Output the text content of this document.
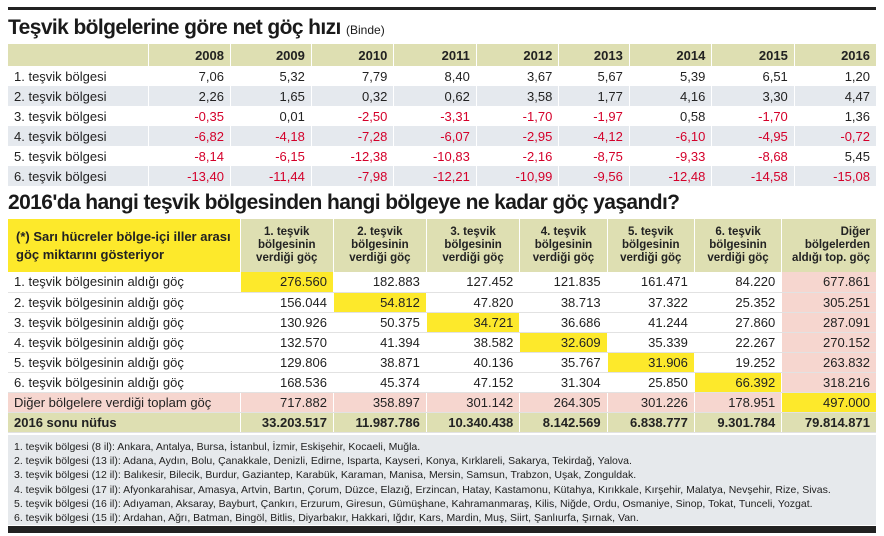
Teşvik bölgelerine göre net göç hızı (Binde)
	2008	2009	2010	2011	2012	2013	2014	2015	2016
1. teşvik bölgesi	7,06	5,32	7,79	8,40	3,67	5,67	5,39	6,51	1,20
2. teşvik bölgesi	2,26	1,65	0,32	0,62	3,58	1,77	4,16	3,30	4,47
3. teşvik bölgesi	-0,35	0,01	-2,50	-3,31	-1,70	-1,97	0,58	-1,70	1,36
4. teşvik bölgesi	-6,82	-4,18	-7,28	-6,07	-2,95	-4,12	-6,10	-4,95	-0,72
5. teşvik bölgesi	-8,14	-6,15	-12,38	-10,83	-2,16	-8,75	-9,33	-8,68	5,45
6. teşvik bölgesi	-13,40	-11,44	-7,98	-12,21	-10,99	-9,56	-12,48	-14,58	-15,08
2016'da hangi teşvik bölgesinden hangi bölgeye ne kadar göç yaşandı?
(*) Sarı hücreler bölge-içi iller arası göç miktarını gösteriyor	1. teşvik bölgesinin verdiği göç	2. teşvik bölgesinin verdiği göç	3. teşvik bölgesinin verdiği göç	4. teşvik bölgesinin verdiği göç	5. teşvik bölgesinin verdiği göç	6. teşvik bölgesinin verdiği göç	Diğer bölgelerden aldığı top. göç
1. teşvik bölgesinin aldığı göç	276.560	182.883	127.452	121.835	161.471	84.220	677.861
2. teşvik bölgesinin aldığı göç	156.044	54.812	47.820	38.713	37.322	25.352	305.251
3. teşvik bölgesinin aldığı göç	130.926	50.375	34.721	36.686	41.244	27.860	287.091
4. teşvik bölgesinin aldığı göç	132.570	41.394	38.582	32.609	35.339	22.267	270.152
5. teşvik bölgesinin aldığı göç	129.806	38.871	40.136	35.767	31.906	19.252	263.832
6. teşvik bölgesinin aldığı göç	168.536	45.374	47.152	31.304	25.850	66.392	318.216
Diğer bölgelere verdiği toplam göç	717.882	358.897	301.142	264.305	301.226	178.951	497.000
2016 sonu nüfus	33.203.517	11.987.786	10.340.438	8.142.569	6.838.777	9.301.784	79.814.871
1. teşvik bölgesi (8 il): Ankara, Antalya, Bursa, İstanbul, İzmir, Eskişehir, Kocaeli, Muğla.
2. teşvik bölgesi (13 il): Adana, Aydın, Bolu, Çanakkale, Denizli, Edirne, Isparta, Kayseri, Konya, Kırklareli, Sakarya, Tekirdağ, Yalova.
3. teşvik bölgesi (12 il): Balıkesir, Bilecik, Burdur, Gaziantep, Karabük, Karaman, Manisa, Mersin, Samsun, Trabzon, Uşak, Zonguldak.
4. teşvik bölgesi (17 il): Afyonkarahisar, Amasya, Artvin, Bartın, Çorum, Düzce, Elazığ, Erzincan, Hatay, Kastamonu, Kütahya, Kırıkkale, Kırşehir, Malatya, Nevşehir, Rize, Sivas.
5. teşvik bölgesi (16 il): Adıyaman, Aksaray, Bayburt, Çankırı, Erzurum, Giresun, Gümüşhane, Kahramanmaraş, Kilis, Niğde, Ordu, Osmaniye, Sinop, Tokat, Tunceli, Yozgat.
6. teşvik bölgesi (15 il): Ardahan, Ağrı, Batman, Bingöl, Bitlis, Diyarbakır, Hakkari, Iğdır, Kars, Mardin, Muş, Siirt, Şanlıurfa, Şırnak, Van.
